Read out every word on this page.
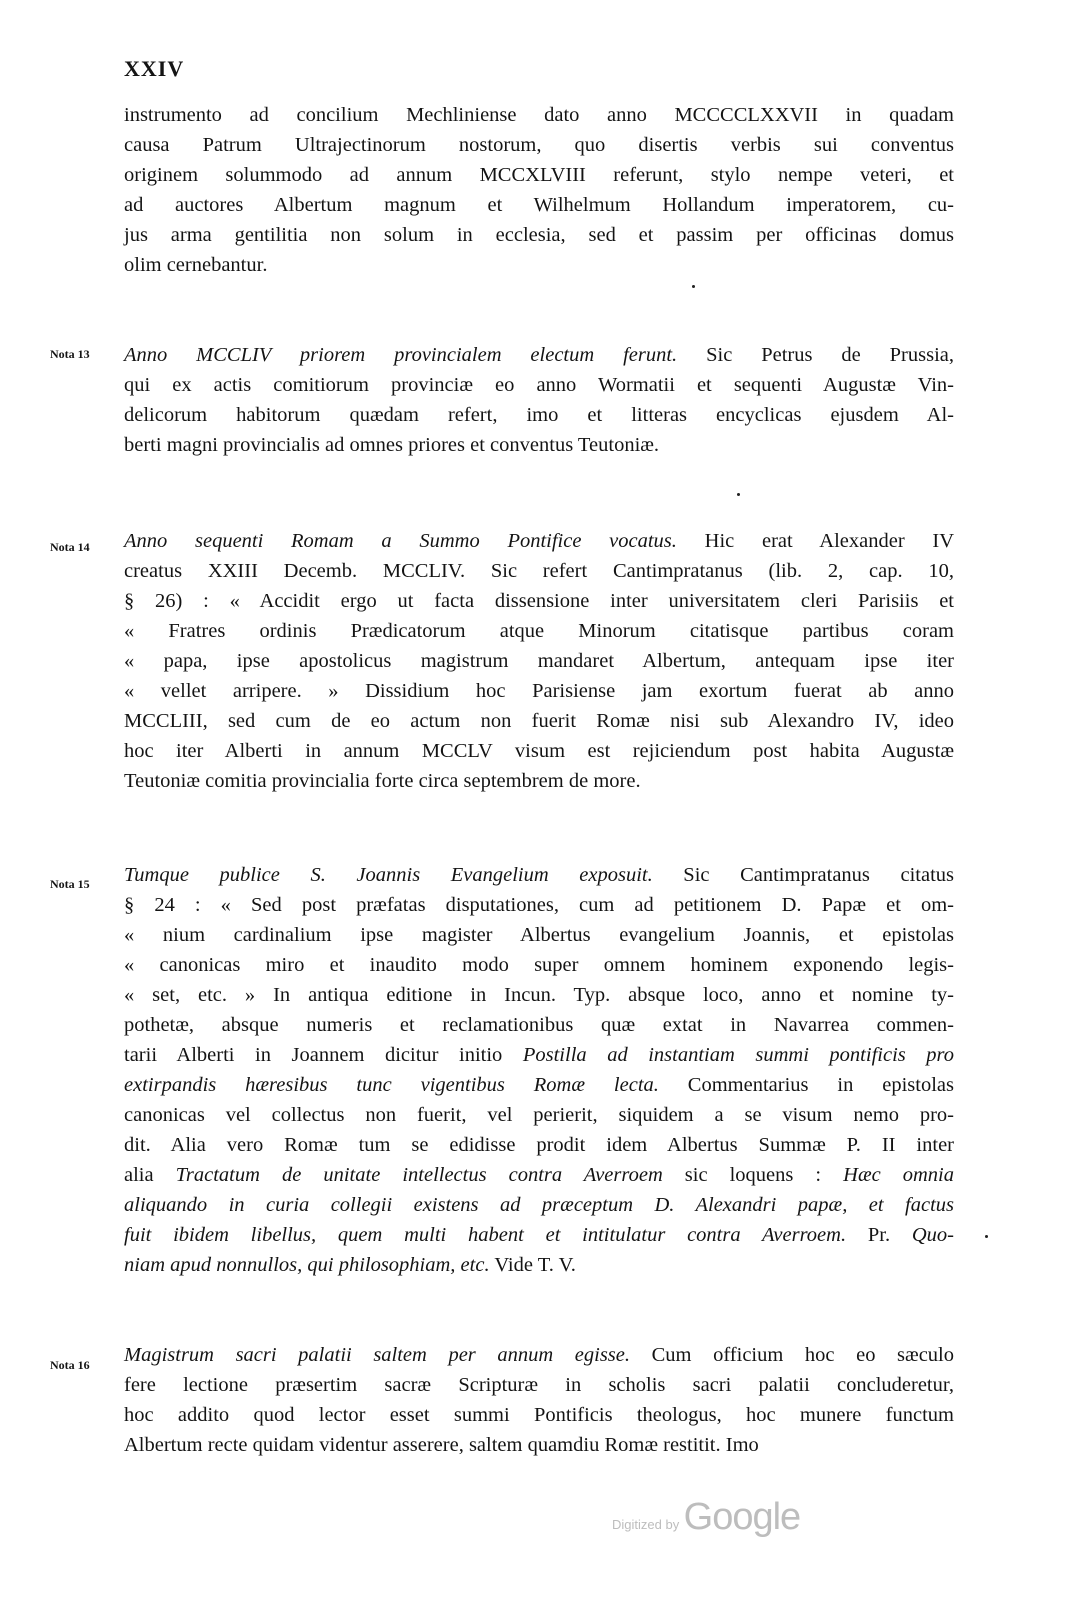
XXIV
instrumento ad concilium Mechliniense dato anno MCCCCLXXVII in quadam
causa Patrum Ultrajectinorum nostorum, quo disertis verbis sui conventus
originem solummodo ad annum MCCXLVIII referunt, stylo nempe veteri, et
ad auctores Albertum magnum et Wilhelmum Hollandum imperatorem, cu-
jus arma gentilitia non solum in ecclesia, sed et passim per officinas domus
olim cernebantur.
Nota 13 Anno MCCLIV priorem provincialem electum ferunt. Sic Petrus de Prussia,
qui ex actis comitiorum provinciæ eo anno Wormatii et sequenti Augustæ Vin-
delicorum habitorum quædam refert, imo et litteras encyclicas ejusdem Al-
berti magni provincialis ad omnes priores et conventus Teutoniæ.
Nota 14 Anno sequenti Romam a Summo Pontifice vocatus. Hic erat Alexander IV
creatus XXIII Decemb. MCCLIV. Sic refert Cantimpratanus (lib. 2, cap. 10,
§ 26) : « Accidit ergo ut facta dissensione inter universitatem cleri Parisiis et
« Fratres ordinis Prædicatorum atque Minorum citatisque partibus coram
« papa, ipse apostolicus magistrum mandaret Albertum, antequam ipse iter
« vellet arripere. » Dissidium hoc Parisiense jam exortum fuerat ab anno
MCCLIII, sed cum de eo actum non fuerit Romæ nisi sub Alexandro IV, ideo
hoc iter Alberti in annum MCCLV visum est rejiciendum post habita Augustæ
Teutoniæ comitia provincialia forte circa septembrem de more.
Nota 15 Tumque publice S. Joannis Evangelium exposuit. Sic Cantimpratanus citatus
§ 24 : « Sed post præfatas disputationes, cum ad petitionem D. Papæ et om-
« nium cardinalium ipse magister Albertus evangelium Joannis, et epistolas
« canonicas miro et inaudito modo super omnem hominem exponendo legis-
« set, etc. » In antiqua editione in Incun. Typ. absque loco, anno et nomine ty-
pothetæ, absque numeris et reclamationibus quæ extat in Navarrea commen-
tarii Alberti in Joannem dicitur initio Postilla ad instantiam summi pontificis pro
extirpandis hæresibus tunc vigentibus Romæ lecta. Commentarius in epistolas
canonicas vel collectus non fuerit, vel perierit, siquidem a se visum nemo pro-
dit. Alia vero Romæ tum se edidisse prodit idem Albertus Summæ P. II inter
alia Tractatum de unitate intellectus contra Averroem sic loquens : Hæc omnia
aliquando in curia collegii existens ad præceptum D. Alexandri papæ, et factus
fuit ibidem libellus, quem multi habent et intitulatur contra Averroem. Pr. Quo-
niam apud nonnullos, qui philosophiam, etc. Vide T. V.
Nota 16 Magistrum sacri palatii saltem per annum egisse. Cum officium hoc eo sæculo
fere lectione præsertim sacræ Scripturæ in scholis sacri palatii concluderetur,
hoc addito quod lector esset summi Pontificis theologus, hoc munere functum
Albertum recte quidam videntur asserere, saltem quamdiu Romæ restitit. Imo
Digitized by Google
